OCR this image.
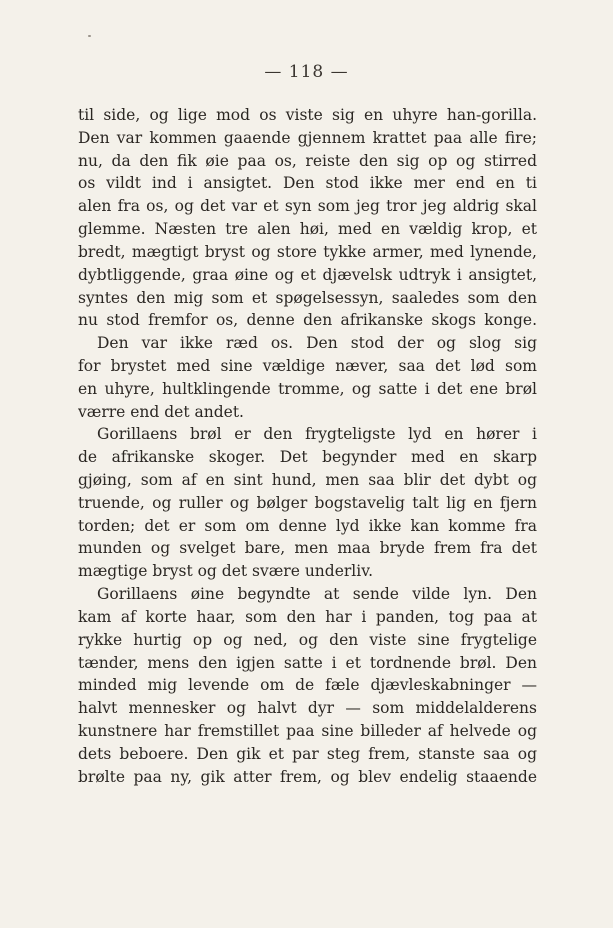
— 118 —
til side, og lige mod os viste sig en uhyre han-gorilla.
Den var kommen gaaende gjennem krattet paa alle fire;
nu, da den fik øie paa os, reiste den sig op og stirred
os vildt ind i ansigtet. Den stod ikke mer end en ti
alen fra os, og det var et syn som jeg tror jeg aldrig skal
glemme. Næsten tre alen høi, med en vældig krop, et
bredt, mægtigt bryst og store tykke armer, med lynende,
dybtliggende, graa øine og et djævelsk udtryk i ansigtet,
syntes den mig som et spøgelsessyn, saaledes som den
nu stod fremfor os, denne den afrikanske skogs konge.
Den var ikke ræd os. Den stod der og slog sig
for brystet med sine vældige næver, saa det lød som
en uhyre, hultklingende tromme, og satte i det ene brøl
værre end det andet.
Gorillaens brøl er den frygteligste lyd en hører i
de afrikanske skoger. Det begynder med en skarp
gjøing, som af en sint hund, men saa blir det dybt og
truende, og ruller og bølger bogstavelig talt lig en fjern
torden; det er som om denne lyd ikke kan komme fra
munden og svelget bare, men maa bryde frem fra det
mægtige bryst og det svære underliv.
Gorillaens øine begyndte at sende vilde lyn. Den
kam af korte haar, som den har i panden, tog paa at
rykke hurtig op og ned, og den viste sine frygtelige
tænder, mens den igjen satte i et tordnende brøl. Den
minded mig levende om de fæle djævleskabninger —
halvt mennesker og halvt dyr — som middelalderens
kunstnere har fremstillet paa sine billeder af helvede og
dets beboere. Den gik et par steg frem, stanste saa og
brølte paa ny, gik atter frem, og blev endelig staaende
